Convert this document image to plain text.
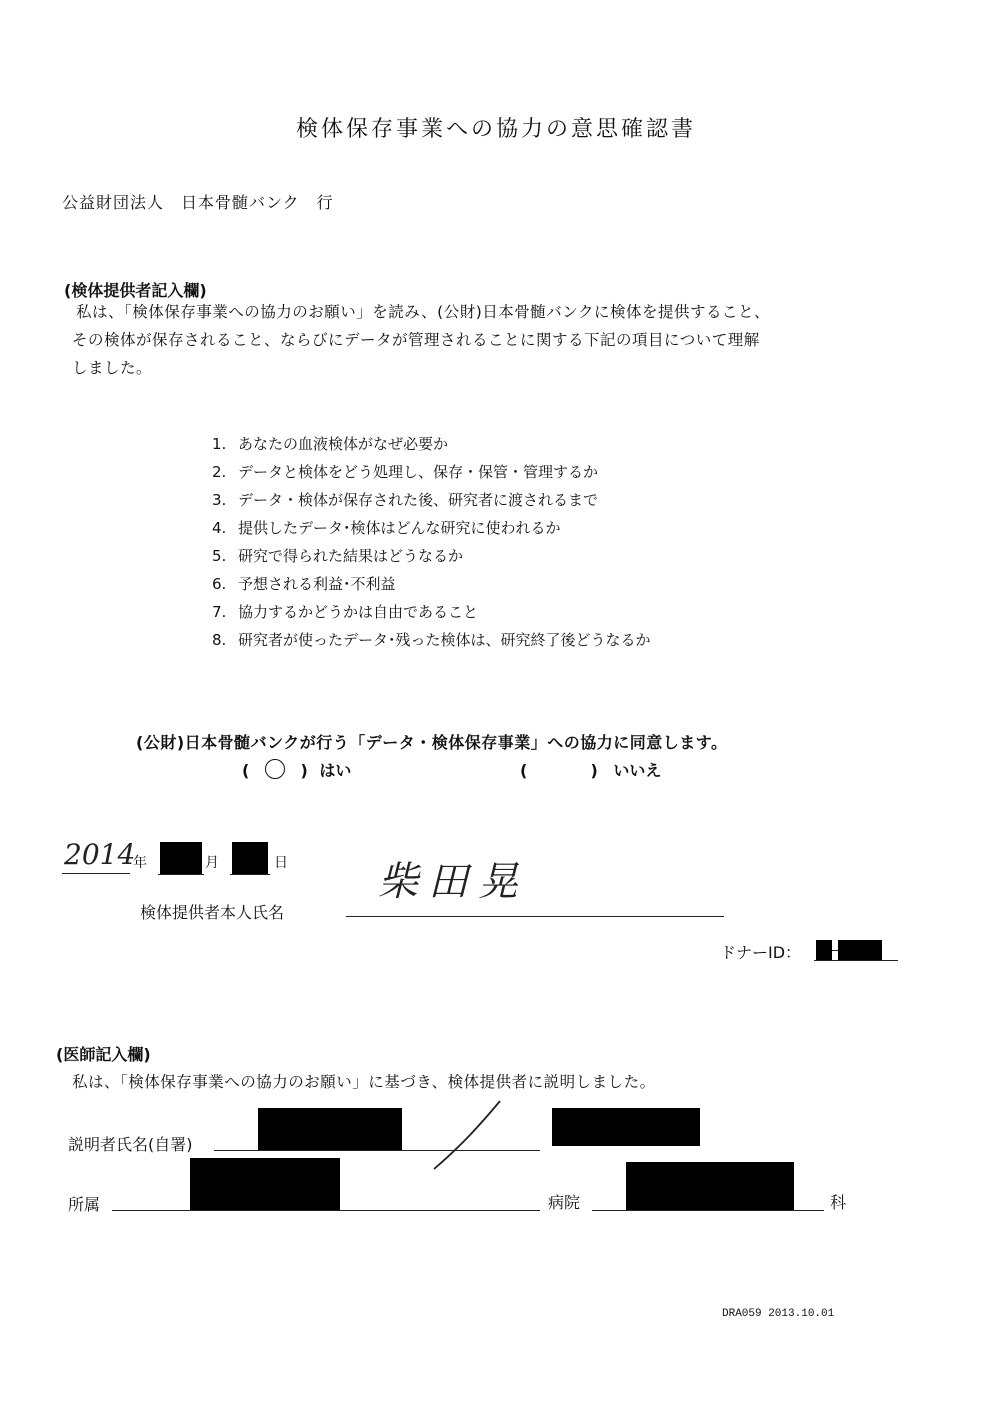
検体保存事業への協力の意思確認書
公益財団法人　日本骨髄バンク　行
(検体提供者記入欄)
私は、「検体保存事業への協力のお願い」を読み、(公財)日本骨髄バンクに検体を提供すること、
その検体が保存されること、ならびにデータが管理されることに関する下記の項目について理解
しました。
1. あなたの血液検体がなぜ必要か
2. データと検体をどう処理し、保存・保管・管理するか
3. データ・検体が保存された後、研究者に渡されるまで
4. 提供したデータ･検体はどんな研究に使われるか
5. 研究で得られた結果はどうなるか
6. 予想される利益･不利益
7. 協力するかどうかは自由であること
8. 研究者が使ったデータ･残った検体は、研究終了後どうなるか
(公財)日本骨髄バンクが行う「データ・検体保存事業」への協力に同意します。
( ○ ) はい	(	) いいえ
2014
年	月	日 柴田晃
検体提供者本人氏名
ドナーID：
(医師記入欄)
私は、「検体保存事業への協力のお願い」に基づき、検体提供者に説明しました。
説明者氏名(自署)
所属	病院	科
DRA059 2013.10.01
